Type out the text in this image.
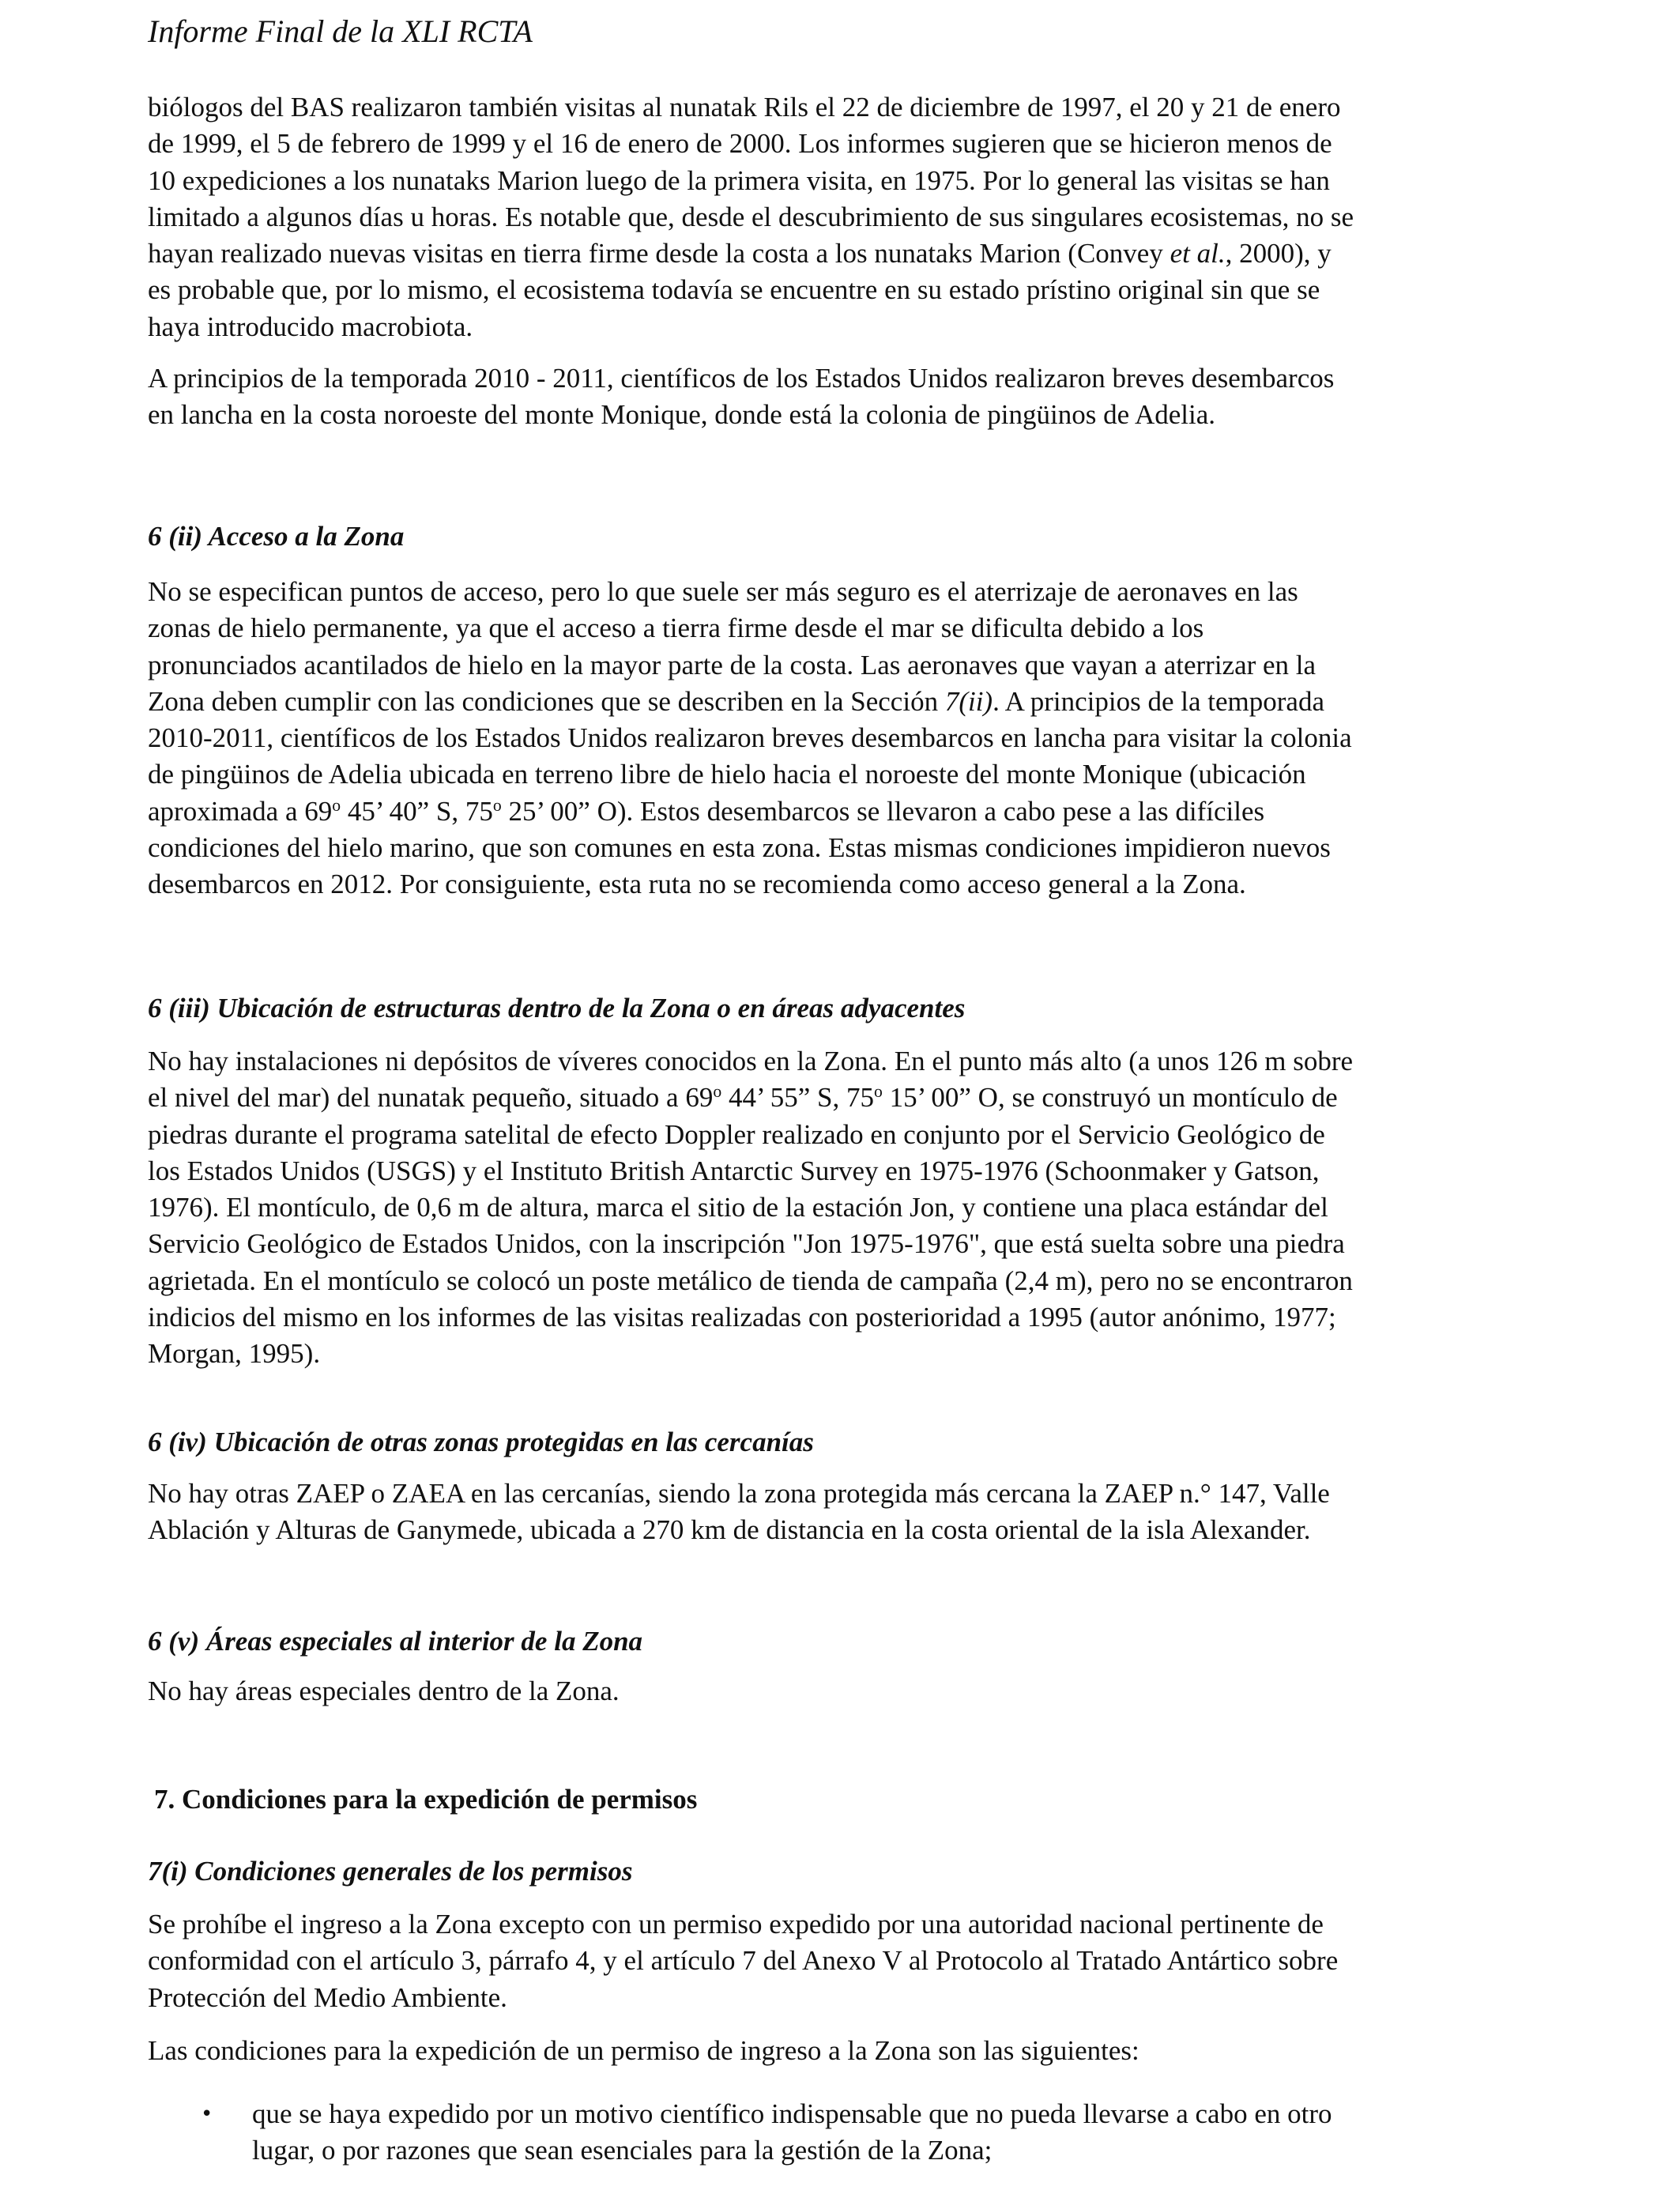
Informe Final de la XLI RCTA

biólogos del BAS realizaron también visitas al nunatak Rils el 22 de diciembre de 1997, el 20 y 21 de enero
de 1999, el 5 de febrero de 1999 y el 16 de enero de 2000. Los informes sugieren que se hicieron menos de
10 expediciones a los nunataks Marion luego de la primera visita, en 1975. Por lo general las visitas se han
limitado a algunos días u horas. Es notable que, desde el descubrimiento de sus singulares ecosistemas, no se
hayan realizado nuevas visitas en tierra firme desde la costa a los nunataks Marion (Convey et al., 2000), y
es probable que, por lo mismo, el ecosistema todavía se encuentre en su estado prístino original sin que se
haya introducido macrobiota.

A principios de la temporada 2010 - 2011, científicos de los Estados Unidos realizaron breves desembarcos
en lancha en la costa noroeste del monte Monique, donde está la colonia de pingüinos de Adelia.

6 (ii) Acceso a la Zona

No se especifican puntos de acceso, pero lo que suele ser más seguro es el aterrizaje de aeronaves en las
zonas de hielo permanente, ya que el acceso a tierra firme desde el mar se dificulta debido a los
pronunciados acantilados de hielo en la mayor parte de la costa. Las aeronaves que vayan a aterrizar en la
Zona deben cumplir con las condiciones que se describen en la Sección 7(ii). A principios de la temporada
2010-2011, científicos de los Estados Unidos realizaron breves desembarcos en lancha para visitar la colonia
de pingüinos de Adelia ubicada en terreno libre de hielo hacia el noroeste del monte Monique (ubicación
aproximada a 69$^o$ 45’ 40” S, 75$^o$ 25’ 00” O). Estos desembarcos se llevaron a cabo pese a las difíciles
condiciones del hielo marino, que son comunes en esta zona. Estas mismas condiciones impidieron nuevos
desembarcos en 2012. Por consiguiente, esta ruta no se recomienda como acceso general a la Zona.

6 (iii) Ubicación de estructuras dentro de la Zona o en áreas adyacentes

No hay instalaciones ni depósitos de víveres conocidos en la Zona. En el punto más alto (a unos 126 m sobre
el nivel del mar) del nunatak pequeño, situado a 69$^o$ 44’ 55” S, 75$^o$ 15’ 00” O, se construyó un montículo de
piedras durante el programa satelital de efecto Doppler realizado en conjunto por el Servicio Geológico de
los Estados Unidos (USGS) y el Instituto British Antarctic Survey en 1975-1976 (Schoonmaker y Gatson,
1976). El montículo, de 0,6 m de altura, marca el sitio de la estación Jon, y contiene una placa estándar del
Servicio Geológico de Estados Unidos, con la inscripción "Jon 1975-1976", que está suelta sobre una piedra
agrietada. En el montículo se colocó un poste metálico de tienda de campaña (2,4 m), pero no se encontraron
indicios del mismo en los informes de las visitas realizadas con posterioridad a 1995 (autor anónimo, 1977;
Morgan, 1995).

6 (iv) Ubicación de otras zonas protegidas en las cercanías

No hay otras ZAEP o ZAEA en las cercanías, siendo la zona protegida más cercana la ZAEP n.° 147, Valle
Ablación y Alturas de Ganymede, ubicada a 270 km de distancia en la costa oriental de la isla Alexander.

6 (v) Áreas especiales al interior de la Zona

No hay áreas especiales dentro de la Zona.

7. Condiciones para la expedición de permisos
7(i) Condiciones generales de los permisos

Se prohíbe el ingreso a la Zona excepto con un permiso expedido por una autoridad nacional pertinente de
conformidad con el artículo 3, párrafo 4, y el artículo 7 del Anexo V al Protocolo al Tratado Antártico sobre
Protección del Medio Ambiente.

Las condiciones para la expedición de un permiso de ingreso a la Zona son las siguientes:

• que se haya expedido por un motivo científico indispensable que no pueda llevarse a cabo en otro
lugar, o por razones que sean esenciales para la gestión de la Zona;
